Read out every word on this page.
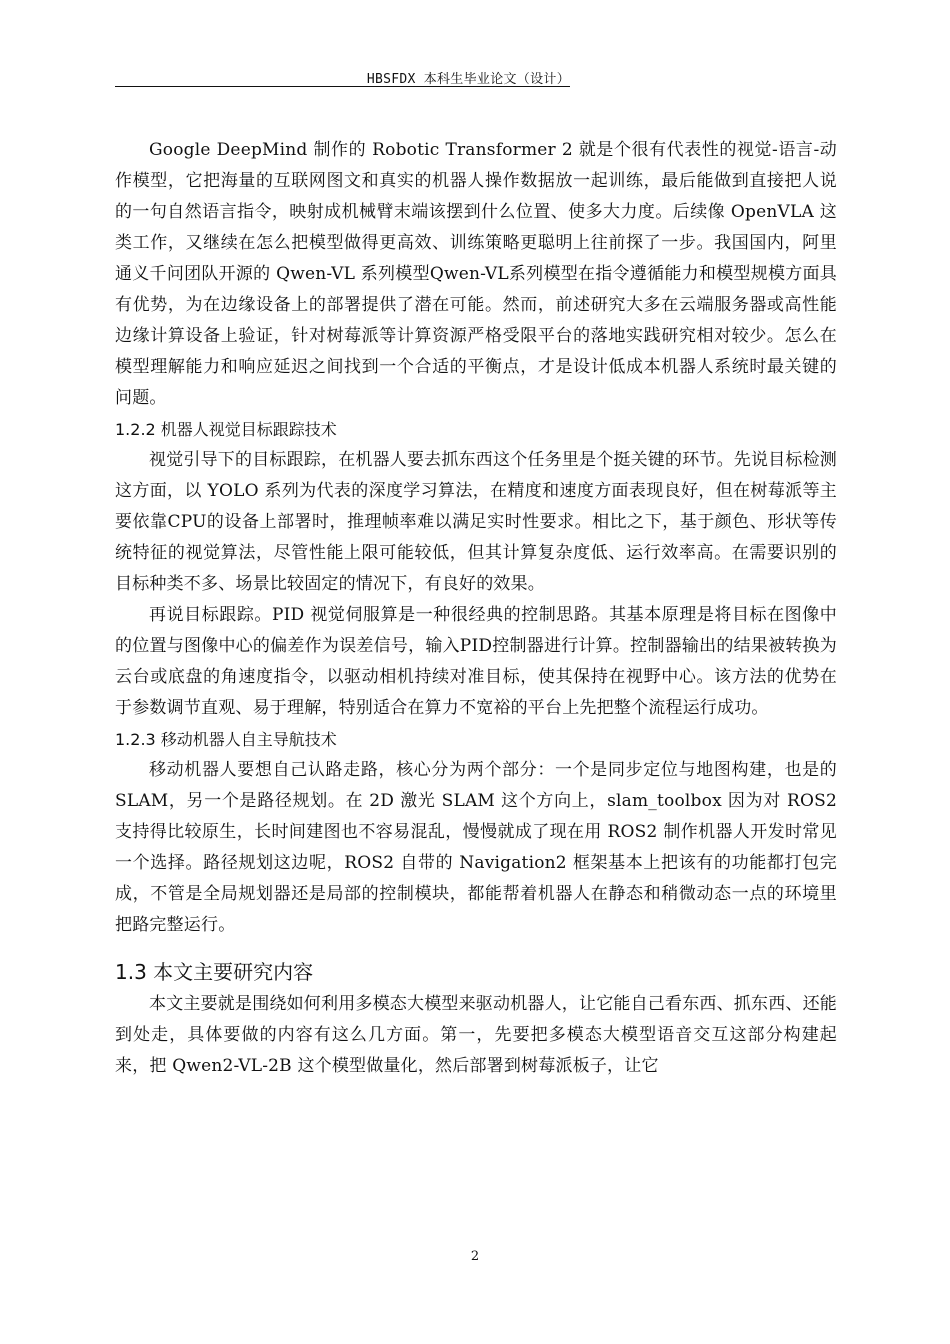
HBSFDX 本科生毕业论文（设计）

Google DeepMind 制作的 Robotic Transformer 2 就是个很有代表性的视觉-语言-动作模型，它把海量的互联网图文和真实的机器人操作数据放一起训练，最后能做到直接把人说的一句自然语言指令，映射成机械臂末端该摆到什么位置、使多大力度。后续像 OpenVLA 这类工作，又继续在怎么把模型做得更高效、训练策略更聪明上往前探了一步。我国国内，阿里通义千问团队开源的 Qwen-VL 系列模型Qwen-VL系列模型在指令遵循能力和模型规模方面具有优势，为在边缘设备上的部署提供了潜在可能。然而，前述研究大多在云端服务器或高性能边缘计算设备上验证，针对树莓派等计算资源严格受限平台的落地实践研究相对较少。怎么在模型理解能力和响应延迟之间找到一个合适的平衡点，才是设计低成本机器人系统时最关键的问题。

1.2.2 机器人视觉目标跟踪技术

视觉引导下的目标跟踪，在机器人要去抓东西这个任务里是个挺关键的环节。先说目标检测这方面，以 YOLO 系列为代表的深度学习算法，在精度和速度方面表现良好，但在树莓派等主要依靠CPU的设备上部署时，推理帧率难以满足实时性要求。相比之下，基于颜色、形状等传统特征的视觉算法，尽管性能上限可能较低，但其计算复杂度低、运行效率高。在需要识别的目标种类不多、场景比较固定的情况下，有良好的效果。

再说目标跟踪。PID 视觉伺服算是一种很经典的控制思路。其基本原理是将目标在图像中的位置与图像中心的偏差作为误差信号，输入PID控制器进行计算。控制器输出的结果被转换为云台或底盘的角速度指令，以驱动相机持续对准目标，使其保持在视野中心。该方法的优势在于参数调节直观、易于理解，特别适合在算力不宽裕的平台上先把整个流程运行成功。

1.2.3 移动机器人自主导航技术

移动机器人要想自己认路走路，核心分为两个部分：一个是同步定位与地图构建，也是的 SLAM，另一个是路径规划。在 2D 激光 SLAM 这个方向上，slam_toolbox 因为对 ROS2 支持得比较原生，长时间建图也不容易混乱，慢慢就成了现在用 ROS2 制作机器人开发时常见一个选择。路径规划这边呢，ROS2 自带的 Navigation2 框架基本上把该有的功能都打包完成，不管是全局规划器还是局部的控制模块，都能帮着机器人在静态和稍微动态一点的环境里把路完整运行。

1.3 本文主要研究内容

本文主要就是围绕如何利用多模态大模型来驱动机器人，让它能自己看东西、抓东西、还能到处走，具体要做的内容有这么几方面。第一，先要把多模态大模型语音交互这部分构建起来，把 Qwen2-VL-2B 这个模型做量化，然后部署到树莓派板子，让它

2
